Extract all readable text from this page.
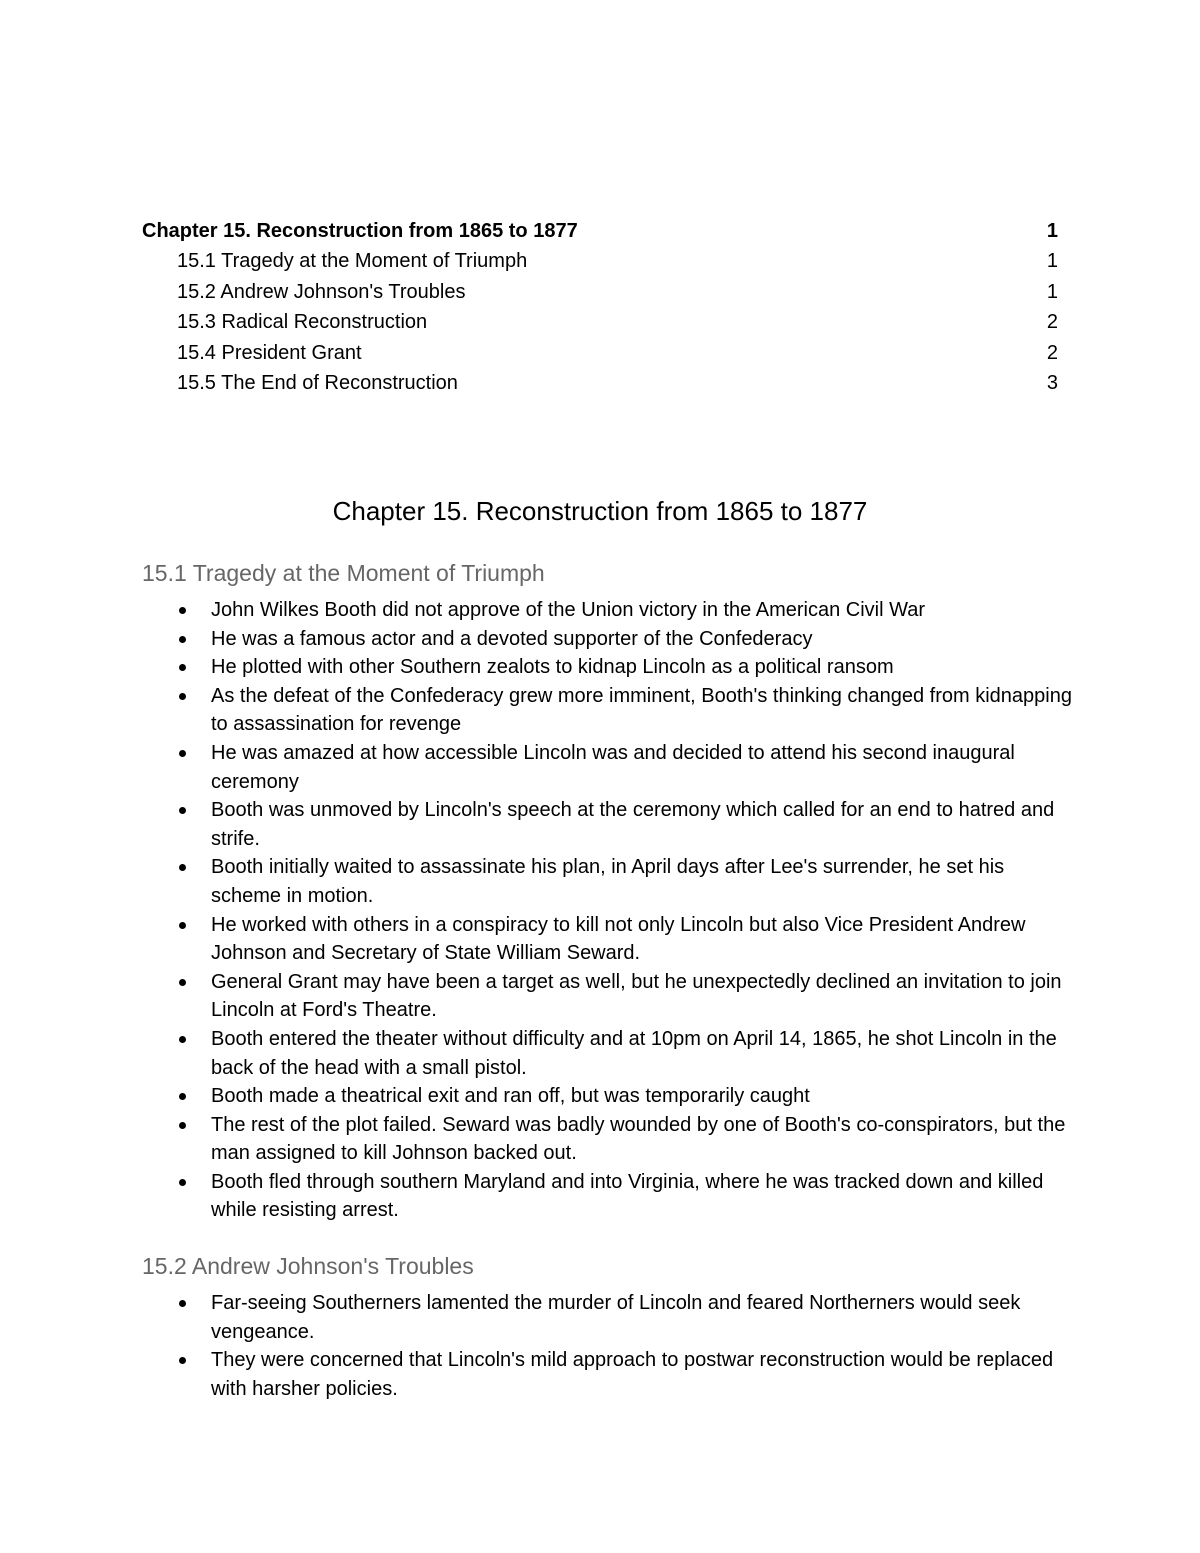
Chapter 15. Reconstruction from 1865 to 1877	1
15.1 Tragedy at the Moment of Triumph	1
15.2 Andrew Johnson's Troubles	1
15.3 Radical Reconstruction	2
15.4 President Grant	2
15.5 The End of Reconstruction	3
Chapter 15. Reconstruction from 1865 to 1877
15.1 Tragedy at the Moment of Triumph
John Wilkes Booth did not approve of the Union victory in the American Civil War
He was a famous actor and a devoted supporter of the Confederacy
He plotted with other Southern zealots to kidnap Lincoln as a political ransom
As the defeat of the Confederacy grew more imminent, Booth's thinking changed from kidnapping to assassination for revenge
He was amazed at how accessible Lincoln was and decided to attend his second inaugural ceremony
Booth was unmoved by Lincoln's speech at the ceremony which called for an end to hatred and strife.
Booth initially waited to assassinate his plan, in April days after Lee's surrender, he set his scheme in motion.
He worked with others in a conspiracy to kill not only Lincoln but also Vice President Andrew Johnson and Secretary of State William Seward.
General Grant may have been a target as well, but he unexpectedly declined an invitation to join Lincoln at Ford's Theatre.
Booth entered the theater without difficulty and at 10pm on April 14, 1865, he shot Lincoln in the back of the head with a small pistol.
Booth made a theatrical exit and ran off, but was temporarily caught
The rest of the plot failed. Seward was badly wounded by one of Booth's co-conspirators, but the man assigned to kill Johnson backed out.
Booth fled through southern Maryland and into Virginia, where he was tracked down and killed while resisting arrest.
15.2 Andrew Johnson's Troubles
Far-seeing Southerners lamented the murder of Lincoln and feared Northerners would seek vengeance.
They were concerned that Lincoln's mild approach to postwar reconstruction would be replaced with harsher policies.
